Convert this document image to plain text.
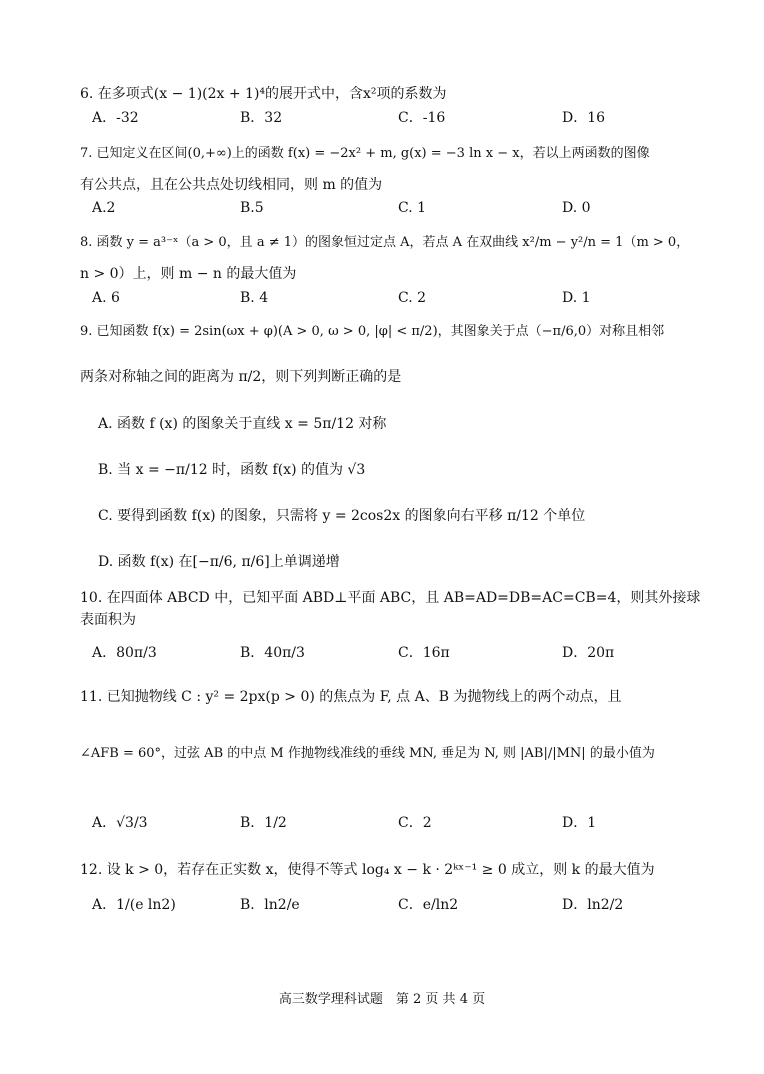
6. 在多项式(x − 1)(2x + 1)⁴的展开式中，含x²项的系数为
A．-32	B．32	C．-16	D．16
7. 已知定义在区间(0,+∞)上的函数 f(x) = −2x² + m, g(x) = −3 ln x − x，若以上两函数的图像
有公共点，且在公共点处切线相同，则 m 的值为
A.2	B.5	C. 1	D. 0
8. 函数 y = a³⁻ˣ（a > 0，且 a ≠ 1）的图象恒过定点 A，若点 A 在双曲线 x²/m − y²/n = 1（m > 0，
n > 0）上，则 m − n 的最大值为
A. 6	B. 4	C. 2	D. 1
9. 已知函数 f(x) = 2sin(ωx + φ)(A > 0, ω > 0, |φ| < π/2)，其图象关于点（−π/6,0）对称且相邻
两条对称轴之间的距离为 π/2，则下列判断正确的是
A. 函数 f (x) 的图象关于直线 x = 5π/12 对称
B. 当 x = −π/12 时，函数 f(x) 的值为 √3
C. 要得到函数 f(x) 的图象，只需将 y = 2cos2x 的图象向右平移 π/12 个单位
D. 函数 f(x) 在[−π/6, π/6]上单调递增
10. 在四面体 ABCD 中，已知平面 ABD⊥平面 ABC，且 AB=AD=DB=AC=CB=4，则其外接球
表面积为
A．80π/3	B．40π/3	C．16π	D．20π
11. 已知抛物线 C : y² = 2px(p > 0) 的焦点为 F, 点 A、B 为抛物线上的两个动点，且
∠AFB = 60°，过弦 AB 的中点 M 作抛物线准线的垂线 MN, 垂足为 N, 则 |AB|/|MN| 的最小值为
A．√3/3	B．1/2	C．2	D．1
12. 设 k > 0，若存在正实数 x，使得不等式 log₄ x − k · 2ᵏˣ⁻¹ ≥ 0 成立，则 k 的最大值为
A．1/(e ln2)	B．ln2/e	C．e/ln2	D．ln2/2
高三数学理科试题　第 2 页 共 4 页
